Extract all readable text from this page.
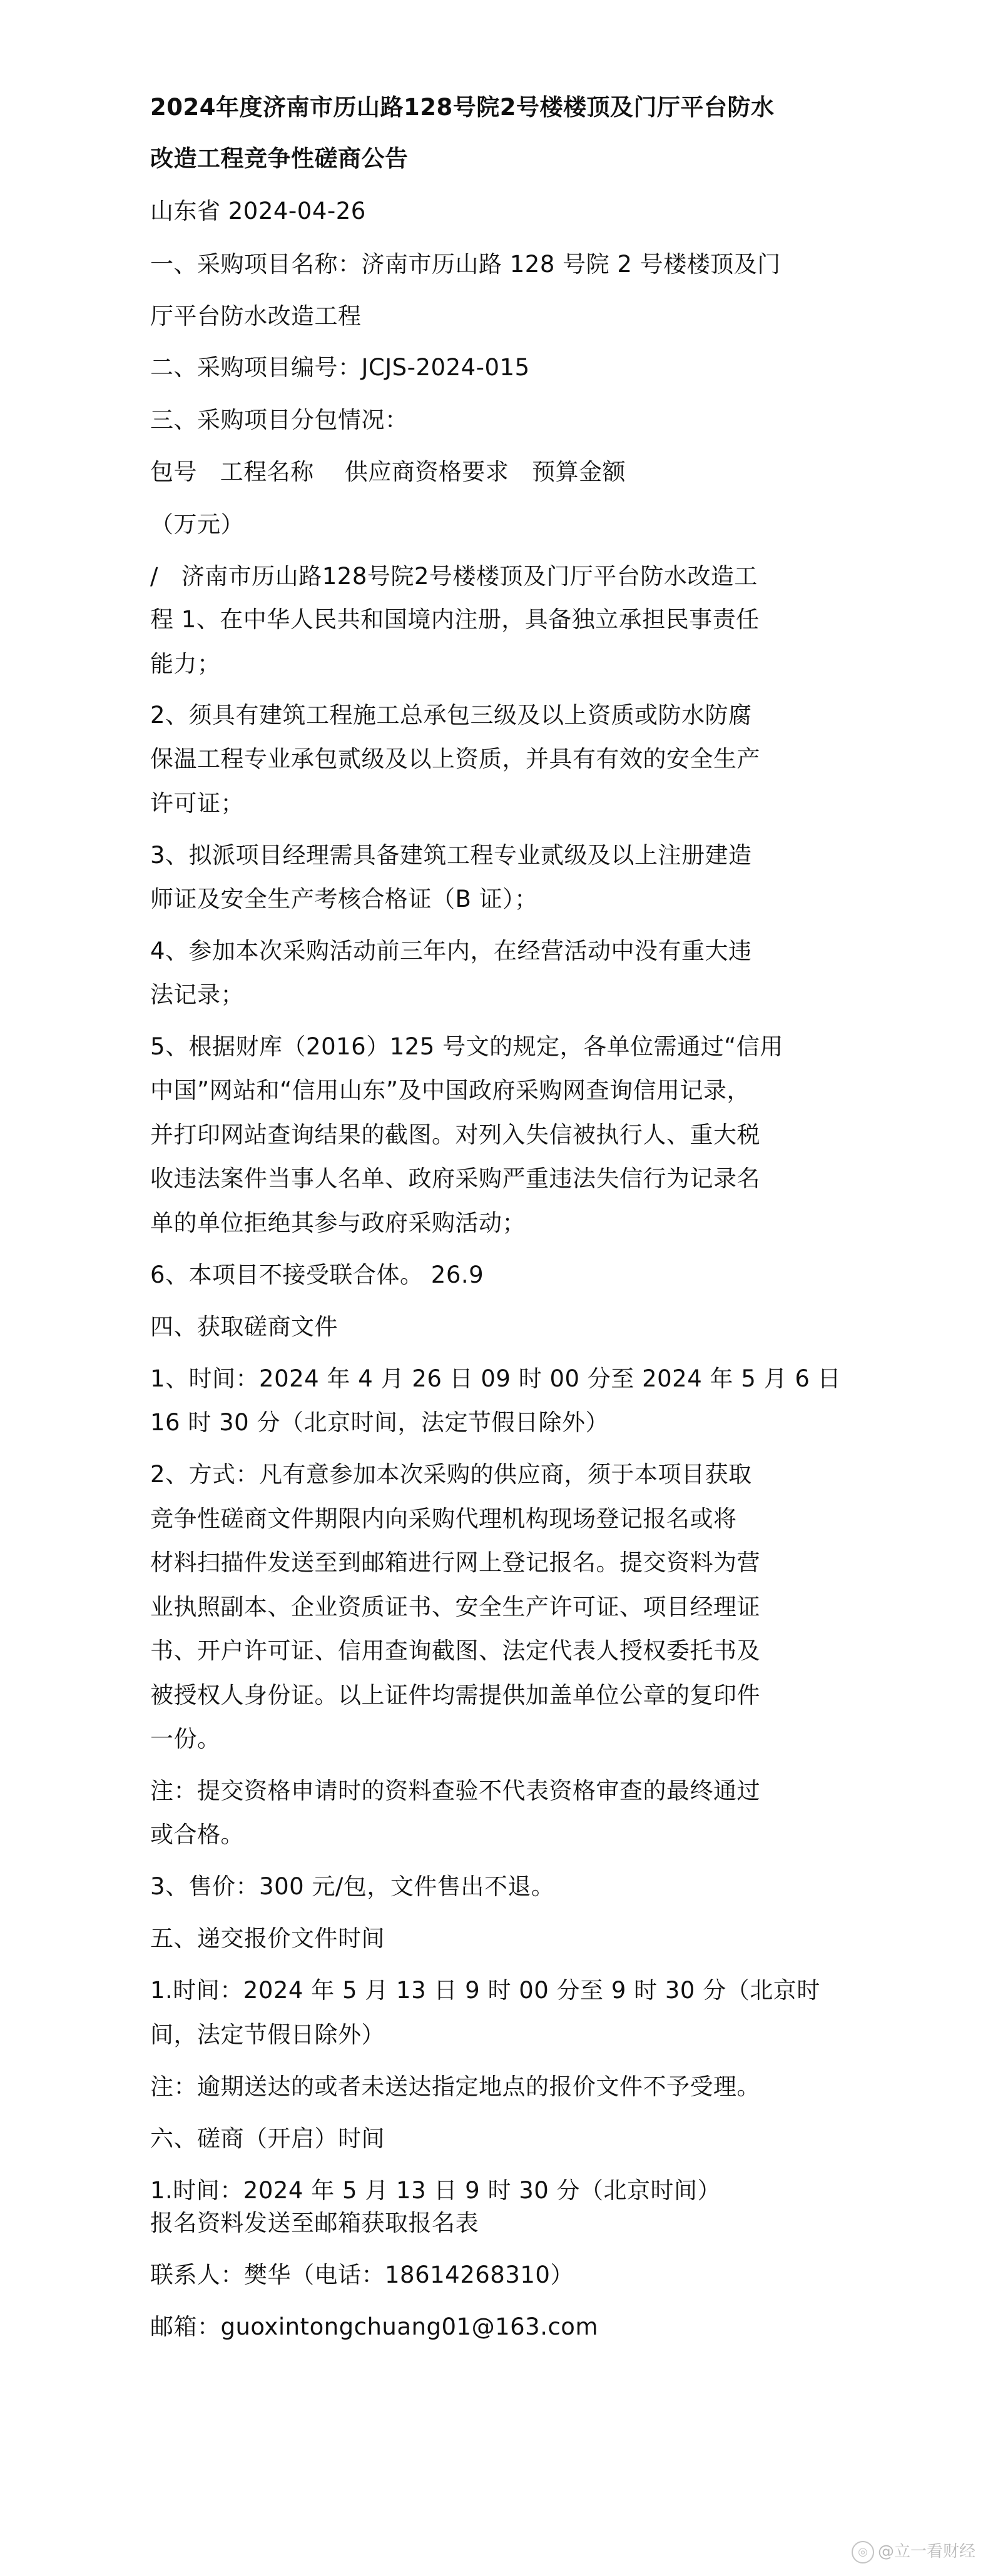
2024年度济南市历山路128号院2号楼楼顶及门厅平台防水
改造工程竞争性磋商公告
山东省 2024-04-26
一、采购项目名称：济南市历山路 128 号院 2 号楼楼顶及门
厅平台防水改造工程
二、采购项目编号：JCJS-2024-015
三、采购项目分包情况：
包号   工程名称    供应商资格要求   预算金额
（万元）
/   济南市历山路128号院2号楼楼顶及门厅平台防水改造工
程 1、在中华人民共和国境内注册，具备独立承担民事责任
能力；
2、须具有建筑工程施工总承包三级及以上资质或防水防腐
保温工程专业承包贰级及以上资质，并具有有效的安全生产
许可证；
3、拟派项目经理需具备建筑工程专业贰级及以上注册建造
师证及安全生产考核合格证（B 证）；
4、参加本次采购活动前三年内，在经营活动中没有重大违
法记录；
5、根据财库（2016）125 号文的规定，各单位需通过“信用
中国”网站和“信用山东”及中国政府采购网查询信用记录，
并打印网站查询结果的截图。对列入失信被执行人、重大税
收违法案件当事人名单、政府采购严重违法失信行为记录名
单的单位拒绝其参与政府采购活动；
6、本项目不接受联合体。 26.9
四、获取磋商文件
1、时间：2024 年 4 月 26 日 09 时 00 分至 2024 年 5 月 6 日
16 时 30 分（北京时间，法定节假日除外）
2、方式：凡有意参加本次采购的供应商，须于本项目获取
竞争性磋商文件期限内向采购代理机构现场登记报名或将
材料扫描件发送至到邮箱进行网上登记报名。提交资料为营
业执照副本、企业资质证书、安全生产许可证、项目经理证
书、开户许可证、信用查询截图、法定代表人授权委托书及
被授权人身份证。以上证件均需提供加盖单位公章的复印件
一份。
注：提交资格申请时的资料查验不代表资格审查的最终通过
或合格。
3、售价：300 元/包，文件售出不退。
五、递交报价文件时间
1.时间：2024 年 5 月 13 日 9 时 00 分至 9 时 30 分（北京时
间，法定节假日除外）
注：逾期送达的或者未送达指定地点的报价文件不予受理。
六、磋商（开启）时间
1.时间：2024 年 5 月 13 日 9 时 30 分（北京时间）
报名资料发送至邮箱获取报名表
联系人：樊华（电话：18614268310）
邮箱：guoxintongchuang01@163.com
◎ @立一看财经
